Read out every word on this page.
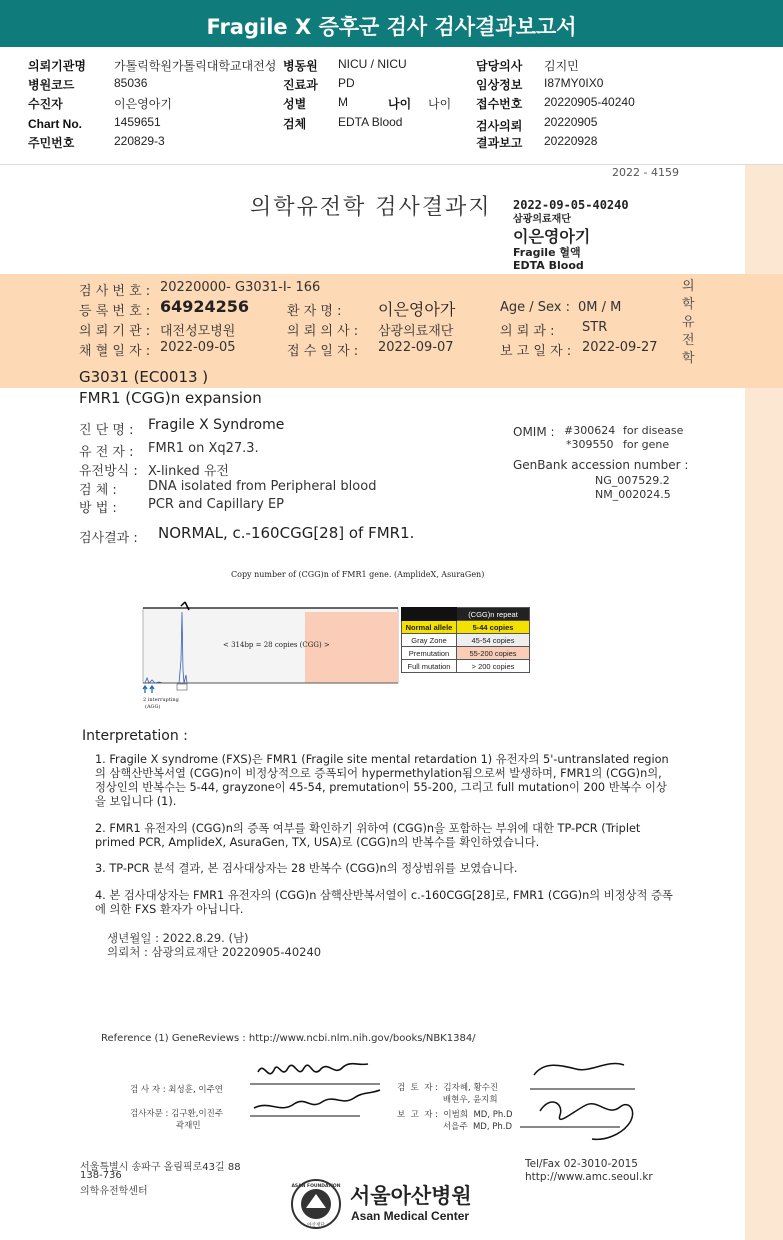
Fragile X 증후군 검사 검사결과보고서
의뢰기관명 가톨릭학원가톨릭대학교대전성 병동원 NICU / NICU	담당의사 김지민
병원코드	85036	진료과 PD	임상정보 I87MY0IX0
수진자	이은영아기	성별	M	나이 나이 접수번호 20220905-40240
Chart No.	1459651	검체	EDTA Blood	검사의뢰 20220905
주민번호	220829-3	결과보고 20220928
2022 - 4159
의학유전학 검사결과지 2022-09-05-40240
삼광의료재단
이은영아기
Fragile 혈액
EDTA Blood
검 사 번 호 : 20220000- G3031-I- 166
등 록 번 호 : 64924256	환 자 명 : 이은영아가	Age / Sex : 0M / M
의 뢰 기 관 : 대전성모병원	의 뢰 의 사 : 삼광의료재단	의 뢰 과 : STR
채 혈 일 자 : 2022-09-05	접 수 일 자 : 2022-09-07	보 고 일 자 : 2022-09-27
의
학
유
전
학
G3031 (EC0013 )
FMR1 (CGG)n expansion
진 단 명 : Fragile X Syndrome
유 전 자 : FMR1 on Xq27.3.
유전방식 : X-linked 유전
검 체 : DNA isolated from Peripheral blood
방 법 : PCR and Capillary EP
OMIM : #300624 for disease
*309550 for gene
GenBank accession number :
NG_007529.2
NM_002024.5
검사결과 : NORMAL, c.-160CGG[28] of FMR1.
Copy number of (CGG)n of FMR1 gene. (AmplideX, AsuraGen)
< 314bp = 28 copies (CGG) >
2 interrupting
(AGG)
	(CGG)n repeat
Normal allele	5-44 copies
Gray Zone	45-54 copies
Premutation	55-200 copies
Full mutation	> 200 copies
Interpretation :
1. Fragile X syndrome (FXS)은 FMR1 (Fragile site mental retardation 1) 유전자의 5'-untranslated region의 삼핵산반복서열 (CGG)n이 비정상적으로 증폭되어 hypermethylation됨으로써 발생하며, FMR1의 (CGG)n의, 정상인의 반복수는 5-44, grayzone이 45-54, premutation이 55-200, 그리고 full mutation이 200 반복수 이상을 보입니다 (1).
2. FMR1 유전자의 (CGG)n의 증폭 여부를 확인하기 위하여 (CGG)n을 포함하는 부위에 대한 TP-PCR (Triplet primed PCR, AmplideX, AsuraGen, TX, USA)로 (CGG)n의 반복수를 확인하였습니다.
3. TP-PCR 분석 결과, 본 검사대상자는 28 반복수 (CGG)n의 정상범위를 보였습니다.
4. 본 검사대상자는 FMR1 유전자의 (CGG)n 삼핵산반복서열이 c.-160CGG[28]로, FMR1 (CGG)n의 비정상적 증폭에 의한 FXS 환자가 아닙니다.
생년월일 : 2022.8.29. (남)
의뢰처 : 삼광의료재단 20220905-40240
Reference (1) GeneReviews : http://www.ncbi.nlm.nih.gov/books/NBK1384/
검 사 자 : 최성훈, 이주연
검사자문 : 김구환,이진주
곽재민
검  토  자 :  김자혜, 황수진
배현우, 윤지희
보  고  자 :  이범희  MD, Ph.D
서을주  MD, Ph.D
서울특별시 송파구 올림픽로43길 88
138-736
의학유전학센터
Tel/Fax 02-3010-2015
http://www.amc.seoul.kr
ASAN FOUNDATION
아산재단
서울아산병원
Asan Medical Center
